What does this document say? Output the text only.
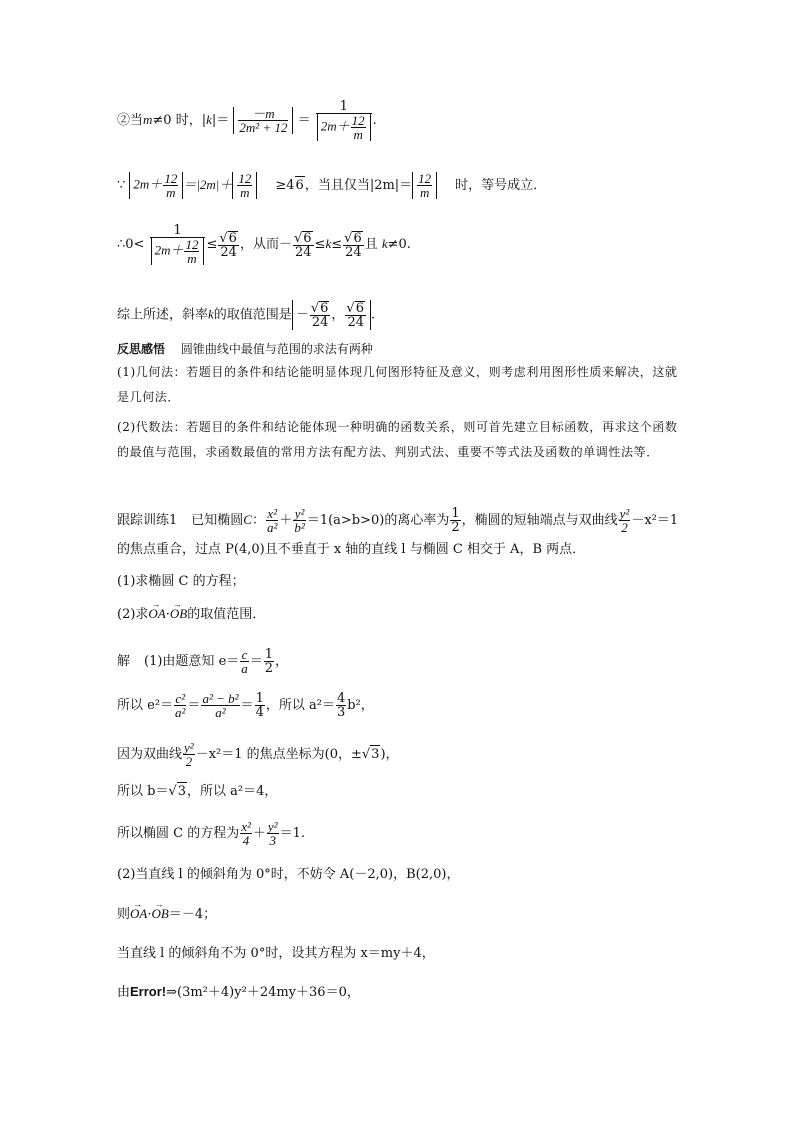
②当m≠0 时，$|k|= \frac{-m}{\text{2m² + 12}} = \frac{1}{2m+ \frac{12}{m}}$ .
∵ $2m+ \frac{12}{m} =|2m|+ \frac{12}{m} \ge 46$，当且仅当$|2m|= \frac{12}{m}$ 时，等号成立．
∴0< $\frac{1}{2m+ \frac{12}{m}} \le \frac{√6}{24}$ ，从而－ $\frac{√6}{24} \le k\le \frac{√6}{24}$ 且 k≠0.
综上所述，斜率k的取值范围是 － $\frac{√6}{24}$ ， $\frac{√6}{24}$ .
反思感悟 圆锥曲线中最值与范围的求法有两种
(1)几何法：若题目的条件和结论能明显体现几何图形特征及意义，则考虑利用图形性质来解决，这就是几何法．
(2)代数法：若题目的条件和结论能体现一种明确的函数关系，则可首先建立目标函数，再求这个函数的最值与范围，求函数最值的常用方法有配方法、判别式法、重要不等式法及函数的单调性法等．
跟踪训练1 已知椭圆C： $\frac{\text{x²}}{\text{a²}} + \frac{\text{y²}}{\text{b²}} =1(a>b>0)$的离心率为 $\frac{1}{2}$ ，椭圆的短轴端点与双曲线 $\frac{\text{y²}}{2} -x^2=1$
的焦点重合，过点 P(4,0)且不垂直于 x 轴的直线 l 与椭圆 C 相交于 A，B 两点．
(1)求椭圆 C 的方程；
(2)求→ OA·→ OB的取值范围．
解 (1)由题意知 $e= \frac{c}{a} = \frac{1}{2}$ ，
所以 $e^2= \frac{\text{c²}}{\text{a²}} = \frac{\text{a² − b²}}{\text{a²}} = \frac{1}{4}$ ，所以 $a^2= \frac{4}{3} b^2$，
因为双曲线 $\frac{\text{y²}}{2} -x^2=1$ 的焦点坐标为(0，±√3)，
所以 b＝√3，所以 a²＝4，
所以椭圆 C 的方程为 $\frac{\text{x²}}{4} + \frac{\text{y²}}{3} =1$.
(2)当直线 l 的倾斜角为 0°时，不妨令 A(－2,0)，B(2,0)，
则→ OA·→ OB＝－4；
当直线 l 的倾斜角不为 0°时，设其方程为 x＝my＋4，
由Error!⇒(3m²＋4)y²＋24my＋36＝0，
